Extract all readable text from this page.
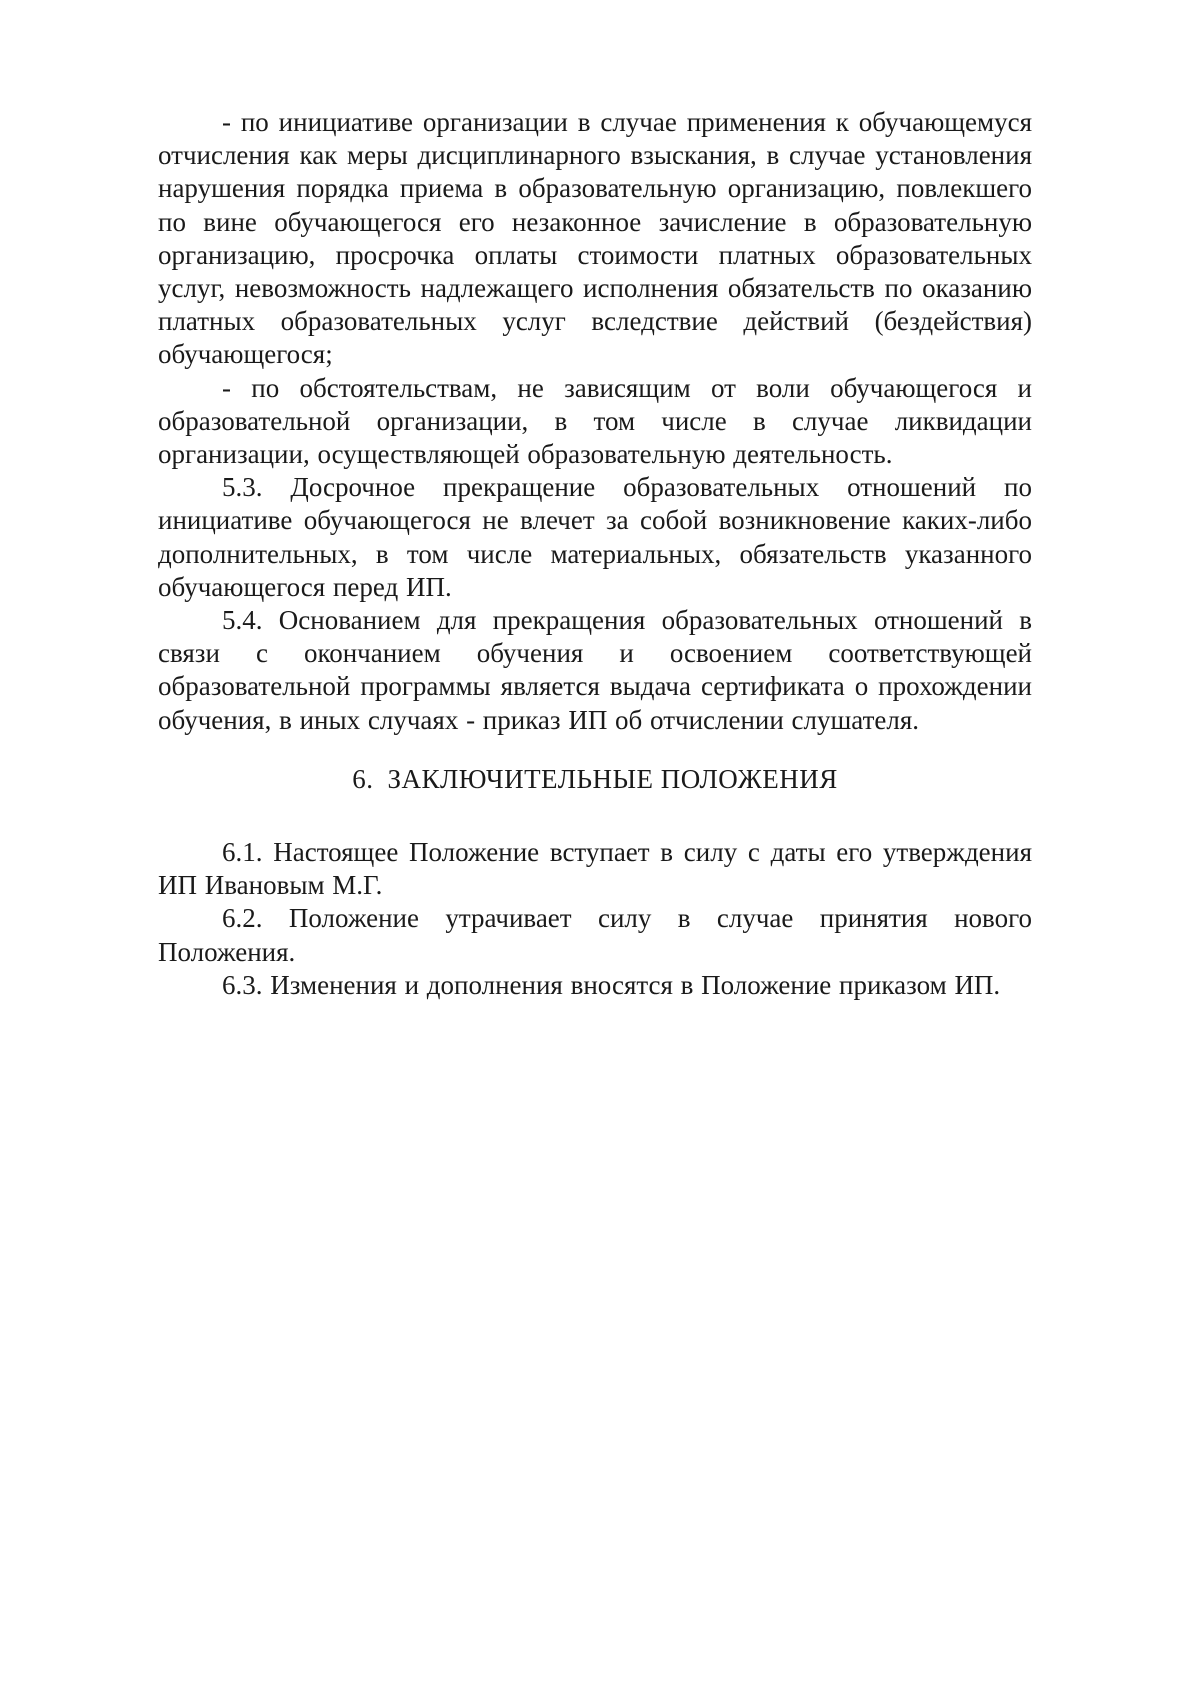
- по инициативе организации в случае применения к обучающемуся отчисления как меры дисциплинарного взыскания, в случае установления нарушения порядка приема в образовательную организацию, повлекшего по вине обучающегося его незаконное зачисление в образовательную организацию, просрочка оплаты стоимости платных образовательных услуг, невозможность надлежащего исполнения обязательств по оказанию платных образовательных услуг вследствие действий (бездействия) обучающегося;

- по обстоятельствам, не зависящим от воли обучающегося и образовательной организации, в том числе в случае ликвидации организации, осуществляющей образовательную деятельность.

5.3. Досрочное прекращение образовательных отношений по инициативе обучающегося не влечет за собой возникновение каких-либо дополнительных, в том числе материальных, обязательств указанного обучающегося перед ИП.

5.4. Основанием для прекращения образовательных отношений в связи с окончанием обучения и освоением соответствующей образовательной программы является выдача сертификата о прохождении обучения, в иных случаях - приказ ИП об отчислении слушателя.

6. ЗАКЛЮЧИТЕЛЬНЫЕ ПОЛОЖЕНИЯ

6.1. Настоящее Положение вступает в силу с даты его утверждения ИП Ивановым М.Г.

6.2. Положение утрачивает силу в случае принятия нового Положения.

6.3. Изменения и дополнения вносятся в Положение приказом ИП.
